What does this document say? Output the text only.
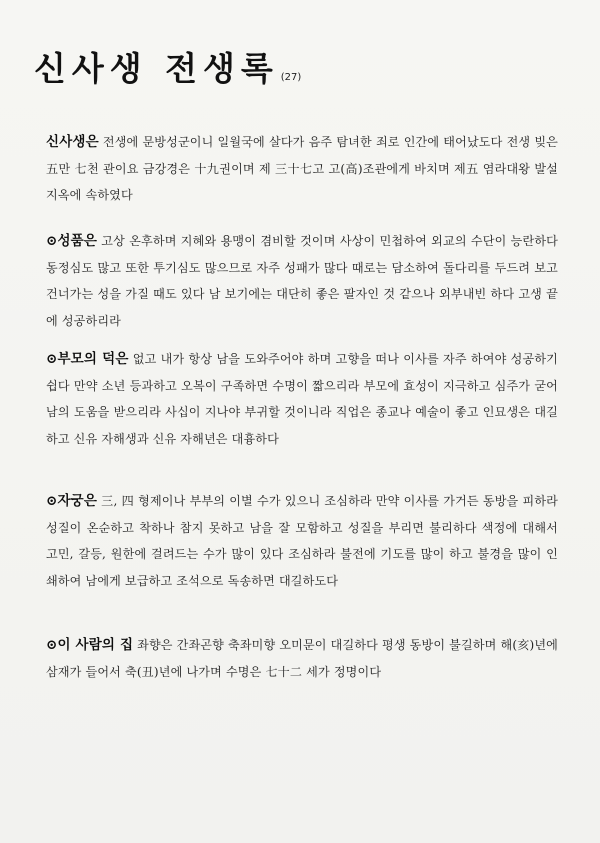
신사생 전생록 (27)

신사생은 전생에 문방성군이니 일월국에 살다가 음주 탐녀한 죄로 인간에 태어났도다 전생 빚은 五만 七천 관이요 금강경은 十九권이며 제 三十七고 고(高)조관에게 바치며 제五 염라대왕 발설지옥에 속하였다

⊙성품은 고상 온후하며 지혜와 용맹이 겸비할 것이며 사상이 민첩하여 외교의 수단이 능란하다 동정심도 많고 또한 투기심도 많으므로 자주 성패가 많다 때로는 담소하여 돌다리를 두드려 보고 건너가는 성을 가질 때도 있다 남 보기에는 대단히 좋은 팔자인 것 같으나 외부내빈 하다 고생 끝에 성공하리라

⊙부모의 덕은 없고 내가 항상 남을 도와주어야 하며 고향을 떠나 이사를 자주 하여야 성공하기 쉽다 만약 소년 등과하고 오복이 구족하면 수명이 짧으리라 부모에 효성이 지극하고 심주가 굳어 남의 도움을 받으리라 사십이 지나야 부귀할 것이니라 직업은 종교나 예술이 좋고 인묘생은 대길하고 신유 자해생과 신유 자해년은 대흉하다

⊙자궁은 三, 四 형제이나 부부의 이별 수가 있으니 조심하라 만약 이사를 가거든 동방을 피하라 성질이 온순하고 착하나 참지 못하고 남을 잘 모함하고 성질을 부리면 불리하다 색정에 대해서 고민, 갈등, 원한에 걸려드는 수가 많이 있다 조심하라 불전에 기도를 많이 하고 불경을 많이 인쇄하여 남에게 보급하고 조석으로 독송하면 대길하도다

⊙이 사람의 집 좌향은 간좌곤향 축좌미향 오미문이 대길하다 평생 동방이 불길하며 해(亥)년에 삼재가 들어서 축(丑)년에 나가며 수명은 七十二 세가 정명이다
